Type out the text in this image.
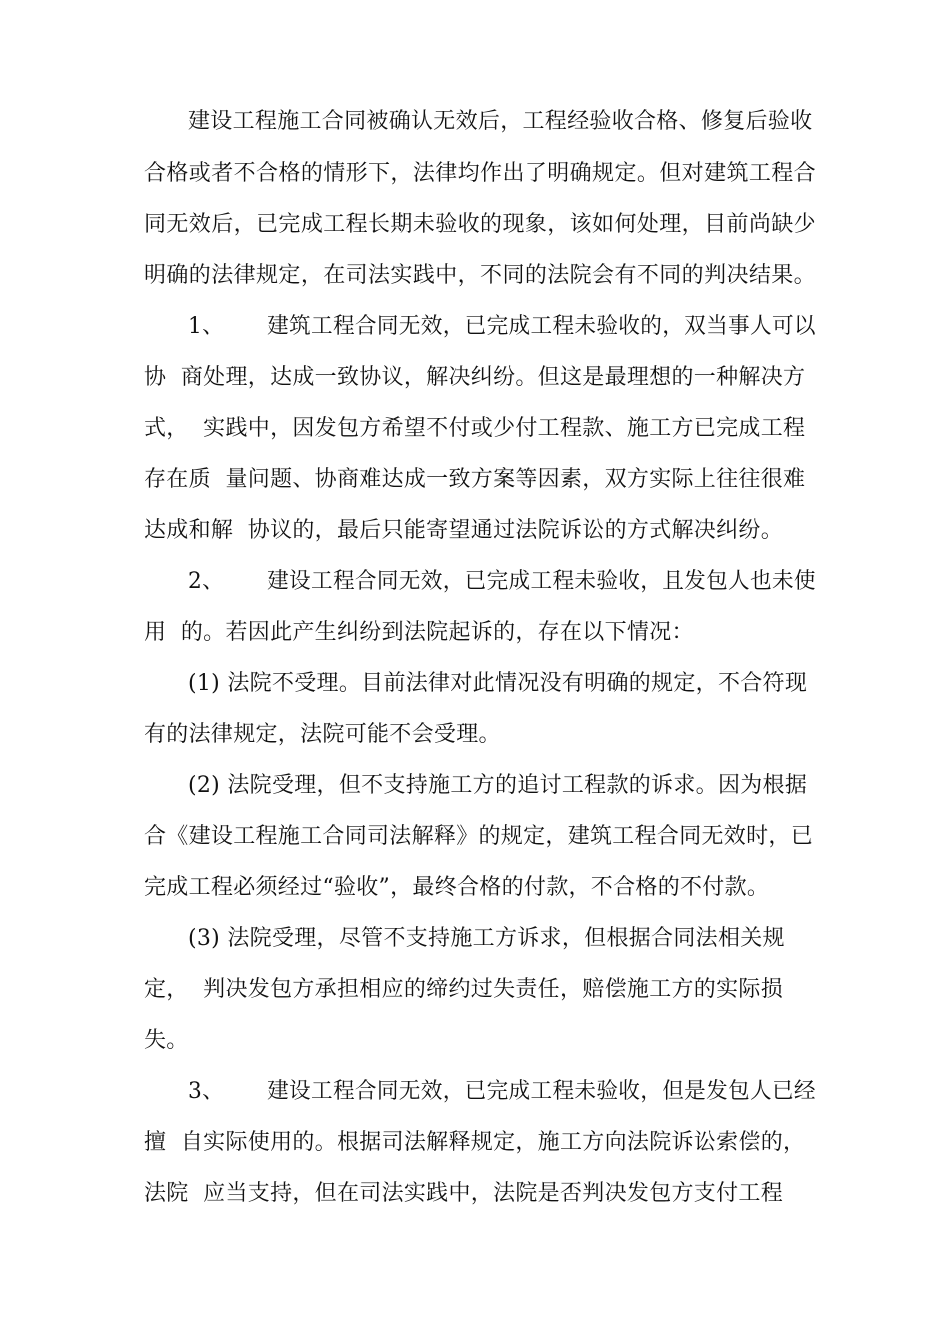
建设工程施工合同被确认无效后，工程经验收合格、修复后验收
合格或者不合格的情形下，法律均作出了明确规定。但对建筑工程合
同无效后，已完成工程长期未验收的现象，该如何处理，目前尚缺少
明确的法律规定，在司法实践中，不同的法院会有不同的判决结果。
1、      建筑工程合同无效，已完成工程未验收的，双当事人可以
协  商处理，达成一致协议，解决纠纷。但这是最理想的一种解决方
式，  实践中，因发包方希望不付或少付工程款、施工方已完成工程
存在质  量问题、协商难达成一致方案等因素，双方实际上往往很难
达成和解  协议的，最后只能寄望通过法院诉讼的方式解决纠纷。
2、      建设工程合同无效，已完成工程未验收，且发包人也未使
用  的。若因此产生纠纷到法院起诉的，存在以下情况：
(1) 法院不受理。目前法律对此情况没有明确的规定，不合符现
有的法律规定，法院可能不会受理。
(2) 法院受理，但不支持施工方的追讨工程款的诉求。因为根据
合《建设工程施工合同司法解释》的规定，建筑工程合同无效时，已
完成工程必须经过“验收”，最终合格的付款，不合格的不付款。
(3) 法院受理，尽管不支持施工方诉求，但根据合同法相关规
定，  判决发包方承担相应的缔约过失责任，赔偿施工方的实际损
失。
3、      建设工程合同无效，已完成工程未验收，但是发包人已经
擅  自实际使用的。根据司法解释规定，施工方向法院诉讼索偿的，
法院  应当支持，但在司法实践中，法院是否判决发包方支付工程
